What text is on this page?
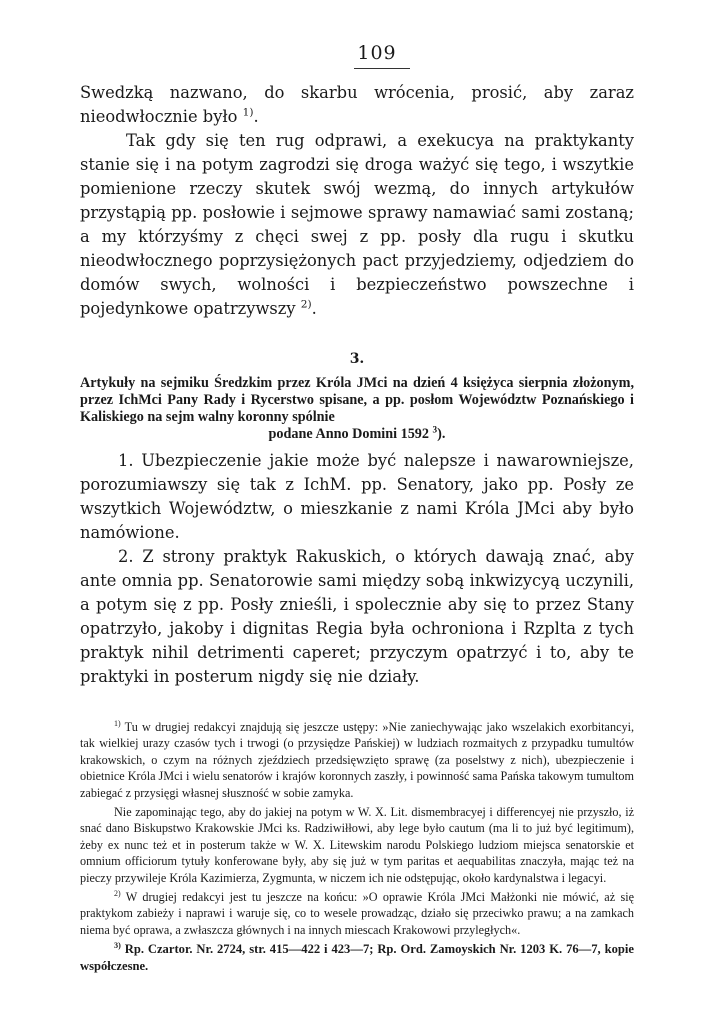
109

Swedzką nazwano, do skarbu wrócenia, prosić, aby zaraz nieodwłocznie było $^{1)}$.

Tak gdy się ten rug odprawi, a exekucya na praktykanty stanie się i na potym zagrodzi się droga ważyć się tego, i wszytkie pomienione rzeczy skutek swój wezmą, do innych artykułów przystąpią pp. posłowie i sejmowe sprawy namawiać sami zostaną; a my którzyśmy z chęci swej z pp. posły dla rugu i skutku nieodwłocznego poprzysiężonych pact przyjedziemy, odjedziem do domów swych, wolności i bezpieczeństwo powszechne i pojedynkowe opatrzywszy $^{2)}$.

3.
Artykuły na sejmiku Średzkim przez Króla JMci na dzień 4 księżyca sierpnia złożonym, przez IchMci Pany Rady i Rycerstwo spisane, a pp. posłom Województw Poznańskiego i Kaliskiego na sejm walny koronny spólnie
podane Anno Domini 1592 $^3$).

1. Ubezpieczenie jakie może być nalepsze i nawarowniejsze, porozumiawszy się tak z IchM. pp. Senatory, jako pp. Posły ze wszytkich Województw, o mieszkanie z nami Króla JMci aby było namówione.

2. Z strony praktyk Rakuskich, o których dawają znać, aby ante omnia pp. Senatorowie sami między sobą inkwizycyą uczynili, a potym się z pp. Posły znieśli, i spolecznie aby się to przez Stany opatrzyło, jakoby i dignitas Regia była ochroniona i Rzplta z tych praktyk nihil detrimenti caperet; przyczym opatrzyć i to, aby te praktyki in posterum nigdy się nie działy.

$^{1)}$ Tu w drugiej redakcyi znajdują się jeszcze ustępy: »Nie zaniechywając jako wszelakich exorbitancyi, tak wielkiej urazy czasów tych i trwogi (o przysiędze Pańskiej) w ludziach rozmaitych z przypadku tumultów krakowskich, o czym na różnych zjeździech przedsięwzięto sprawę (za poselstwy z nich), ubezpieczenie i obietnice Króla JMci i wielu senatorów i krajów koronnych zaszły, i powinność sama Pańska takowym tumultom zabiegać z przysięgi własnej słuszność w sobie zamyka.

Nie zapominając tego, aby do jakiej na potym w W. X. Lit. dismembracyej i differencyej nie przyszło, iż snać dano Biskupstwo Krakowskie JMci ks. Radziwiłłowi, aby lege było cautum (ma li to już być legitimum), żeby ex nunc też et in posterum także w W. X. Litewskim narodu Polskiego ludziom miejsca senatorskie et omnium officiorum tytuły konferowane były, aby się już w tym paritas et aequabilitas znaczyła, mając też na pieczy przywileje Króla Kazimierza, Zygmunta, w niczem ich nie odstępując, około kardynalstwa i legacyi.

$^{2)}$ W drugiej redakcyi jest tu jeszcze na końcu: »O oprawie Króla JMci Małżonki nie mówić, aż się praktykom zabieży i naprawi i waruje się, co to wesele prowadząc, działo się przeciwko prawu; a na zamkach niema być oprawa, a zwłaszcza głównych i na innych miescach Krakowowi przyległych«.

$^{3)}$ Rp. Czartor. Nr. 2724, str. 415—422 i 423—7; Rp. Ord. Zamoyskich Nr. 1203 K. 76—7, kopie współczesne.
